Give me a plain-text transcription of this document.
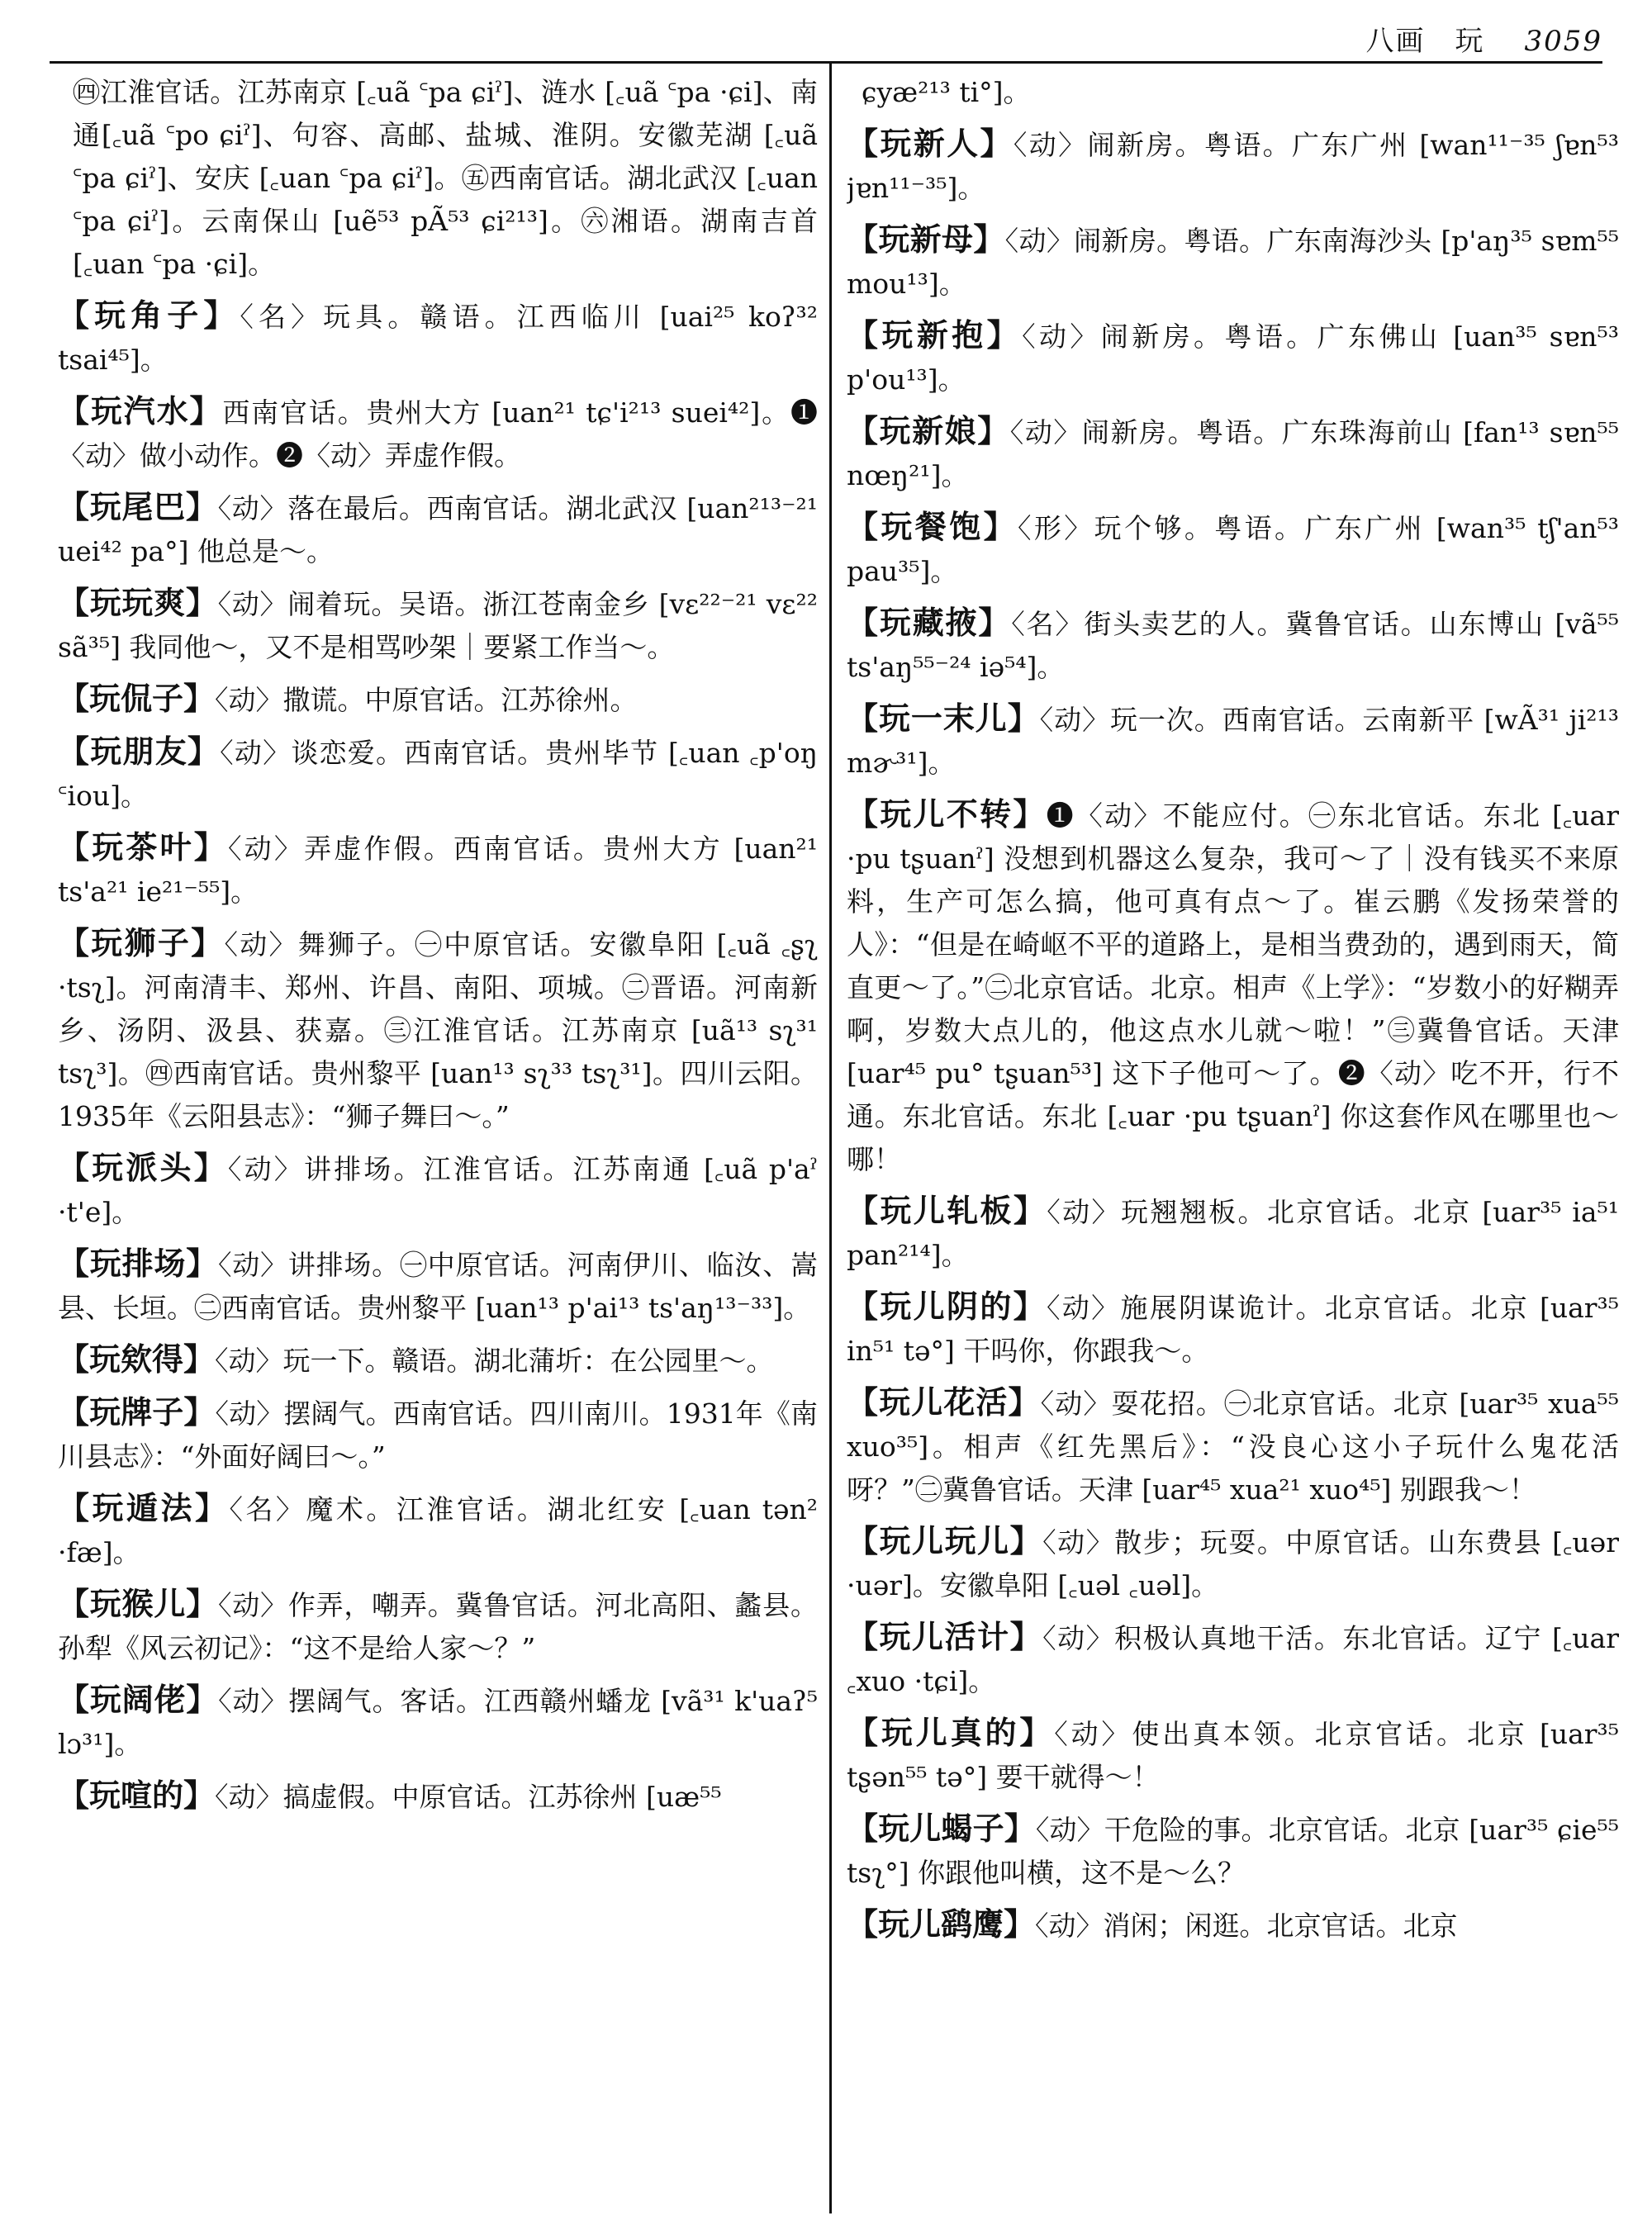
八画　玩 3059

㊃江淮官话。江苏南京 [꜀uã ꜂pa ɕiˀ]、涟水 [꜀uã ꜂pa ·ɕi]、南通[꜀uã ꜂po ɕiˀ]、句容、高邮、盐城、淮阴。安徽芜湖 [꜀uã ꜂pa ɕiˀ]、安庆 [꜀uan ꜂pa ɕiˀ]。㊄西南官话。湖北武汉 [꜀uan ꜂pa ɕiˀ]。云南保山 [uẽ⁵³ pÃ⁵³ ɕi²¹³]。㊅湘语。湖南吉首 [꜀uan ꜂pa ·ɕi]。

【玩角子】〈名〉玩具。赣语。江西临川 [uai²⁵ koʔ³² tsai⁴⁵]。

【玩汽水】西南官话。贵州大方 [uan²¹ tɕ'i²¹³ suei⁴²]。❶〈动〉做小动作。❷〈动〉弄虚作假。

【玩尾巴】〈动〉落在最后。西南官话。湖北武汉 [uan²¹³⁻²¹ uei⁴² pa°] 他总是～。

【玩玩爽】〈动〉闹着玩。吴语。浙江苍南金乡 [vɛ²²⁻²¹ vɛ²² sã³⁵] 我同他～，又不是相骂吵架｜要紧工作当～。

【玩侃子】〈动〉撒谎。中原官话。江苏徐州。

【玩朋友】〈动〉谈恋爱。西南官话。贵州毕节 [꜀uan ꜀p'oŋ ꜂iou]。

【玩茶叶】〈动〉弄虚作假。西南官话。贵州大方 [uan²¹ ts'a²¹ ie²¹⁻⁵⁵]。

【玩狮子】〈动〉舞狮子。㊀中原官话。安徽阜阳 [꜀uã ꜀ʂʅ ·tsʅ]。河南清丰、郑州、许昌、南阳、项城。㊁晋语。河南新乡、汤阴、汲县、获嘉。㊂江淮官话。江苏南京 [uã¹³ sʅ³¹ tsʅ³]。㊃西南官话。贵州黎平 [uan¹³ sʅ³³ tsʅ³¹]。四川云阳。1935年《云阳县志》：“狮子舞曰～。”

【玩派头】〈动〉讲排场。江淮官话。江苏南通 [꜀uã p'aˀ ·t'e]。

【玩排场】〈动〉讲排场。㊀中原官话。河南伊川、临汝、嵩县、长垣。㊁西南官话。贵州黎平 [uan¹³ p'ai¹³ ts'aŋ¹³⁻³³]。

【玩欸得】〈动〉玩一下。赣语。湖北蒲圻：在公园里～。

【玩牌子】〈动〉摆阔气。西南官话。四川南川。1931年《南川县志》：“外面好阔曰～。”

【玩遁法】〈名〉魔术。江淮官话。湖北红安 [꜀uan tən² ·fæ]。

【玩猴儿】〈动〉作弄，嘲弄。冀鲁官话。河北高阳、蠡县。孙犁《风云初记》：“这不是给人家～？”

【玩阔佬】〈动〉摆阔气。客话。江西赣州蟠龙 [vã³¹ k'uaʔ⁵ lɔ³¹]。

【玩喧的】〈动〉搞虚假。中原官话。江苏徐州 [uæ⁵⁵

ɕyæ²¹³ ti°]。

【玩新人】〈动〉闹新房。粤语。广东广州 [wan¹¹⁻³⁵ ʃɐn⁵³ jɐn¹¹⁻³⁵]。

【玩新母】〈动〉闹新房。粤语。广东南海沙头 [p'aŋ³⁵ sɐm⁵⁵ mou¹³]。

【玩新抱】〈动〉闹新房。粤语。广东佛山 [uan³⁵ sɐn⁵³ p'ou¹³]。

【玩新娘】〈动〉闹新房。粤语。广东珠海前山 [fan¹³ sɐn⁵⁵ nœŋ²¹]。

【玩餐饱】〈形〉玩个够。粤语。广东广州 [wan³⁵ tʃ'an⁵³ pau³⁵]。

【玩藏掖】〈名〉街头卖艺的人。冀鲁官话。山东博山 [vã⁵⁵ ts'aŋ⁵⁵⁻²⁴ iə⁵⁴]。

【玩一末儿】〈动〉玩一次。西南官话。云南新平 [wÃ³¹ ji²¹³ mɚ³¹]。

【玩儿不转】❶〈动〉不能应付。㊀东北官话。东北 [꜀uar ·pu tʂuanˀ] 没想到机器这么复杂，我可～了｜没有钱买不来原料，生产可怎么搞，他可真有点～了。崔云鹏《发扬荣誉的人》：“但是在崎岖不平的道路上，是相当费劲的，遇到雨天，简直更～了。”㊁北京官话。北京。相声《上学》：“岁数小的好糊弄啊，岁数大点儿的，他这点水儿就～啦！”㊂冀鲁官话。天津 [uar⁴⁵ pu° tʂuan⁵³] 这下子他可～了。❷〈动〉吃不开，行不通。东北官话。东北 [꜀uar ·pu tʂuanˀ] 你这套作风在哪里也～哪！

【玩儿轧板】〈动〉玩翘翘板。北京官话。北京 [uar³⁵ ia⁵¹ pan²¹⁴]。

【玩儿阴的】〈动〉施展阴谋诡计。北京官话。北京 [uar³⁵ in⁵¹ tə°] 干吗你，你跟我～。

【玩儿花活】〈动〉耍花招。㊀北京官话。北京 [uar³⁵ xua⁵⁵ xuo³⁵]。相声《红先黑后》：“没良心这小子玩什么鬼花活呀？”㊁冀鲁官话。天津 [uar⁴⁵ xua²¹ xuo⁴⁵] 别跟我～！

【玩儿玩儿】〈动〉散步；玩耍。中原官话。山东费县 [꜀uər ·uər]。安徽阜阳 [꜀uəl ꜀uəl]。

【玩儿活计】〈动〉积极认真地干活。东北官话。辽宁 [꜀uar ꜀xuo ·tɕi]。

【玩儿真的】〈动〉使出真本领。北京官话。北京 [uar³⁵ tʂən⁵⁵ tə°] 要干就得～！

【玩儿蝎子】〈动〉干危险的事。北京官话。北京 [uar³⁵ ɕie⁵⁵ tsʅ°] 你跟他叫横，这不是～么？

【玩儿鹞鹰】〈动〉消闲；闲逛。北京官话。北京
